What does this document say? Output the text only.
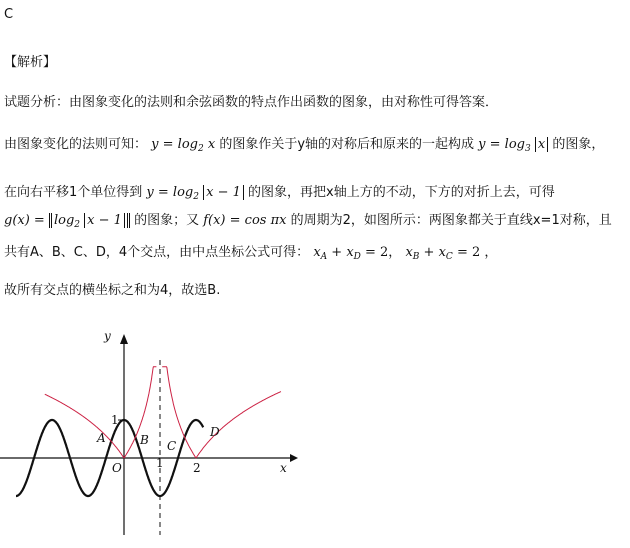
C
【解析】
试题分析：由图象变化的法则和余弦函数的特点作出函数的图象，由对称性可得答案．
由图象变化的法则可知： $y = \log_2 x$ 的图象作关于y轴的对称后和原来的一起构成 $y = \log_3 x$ 的图象，
在向右平移1个单位得到 $y = \log_2 x - 1$ 的图象，再把x轴上方的不动，下方的对折上去，可得
$g(x) = \log_2 x - 1$ 的图象；又 f(x) = cos πx 的周期为2，如图所示：两图象都关于直线x=1对称，且
共有A、B、C、D，4个交点，由中点坐标公式可得： $x_A + x_D = 2$， $x_B + x_C = 2$ ，
故所有交点的横坐标之和为4，故选B.
y
x
O
1
1 2
A	B C
D
